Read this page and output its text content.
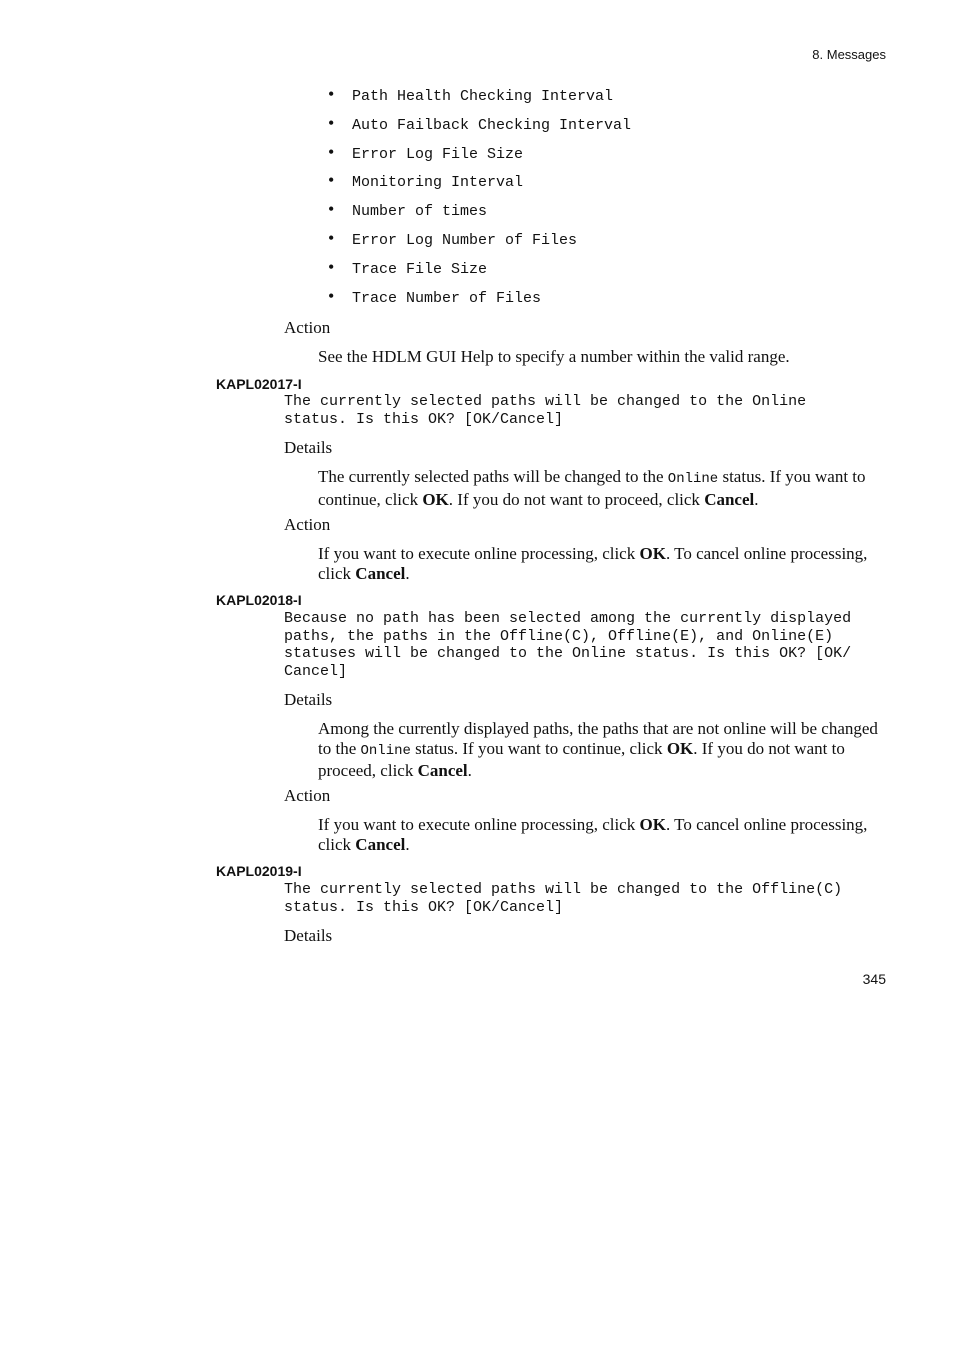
8. Messages
• Path Health Checking Interval
• Auto Failback Checking Interval
• Error Log File Size
• Monitoring Interval
• Number of times
• Error Log Number of Files
• Trace File Size
• Trace Number of Files
Action
See the HDLM GUI Help to specify a number within the valid range.
KAPL02017-I
The currently selected paths will be changed to the Online
status. Is this OK? [OK/Cancel]
Details
The currently selected paths will be changed to the Online status. If you want to continue, click OK. If you do not want to proceed, click Cancel.
Action
If you want to execute online processing, click OK. To cancel online processing, click Cancel.
KAPL02018-I
Because no path has been selected among the currently displayed
paths, the paths in the Offline(C), Offline(E), and Online(E)
statuses will be changed to the Online status. Is this OK? [OK/
Cancel]
Details
Among the currently displayed paths, the paths that are not online will be changed to the Online status. If you want to continue, click OK. If you do not want to proceed, click Cancel.
Action
If you want to execute online processing, click OK. To cancel online processing, click Cancel.
KAPL02019-I
The currently selected paths will be changed to the Offline(C)
status. Is this OK? [OK/Cancel]
Details
345
